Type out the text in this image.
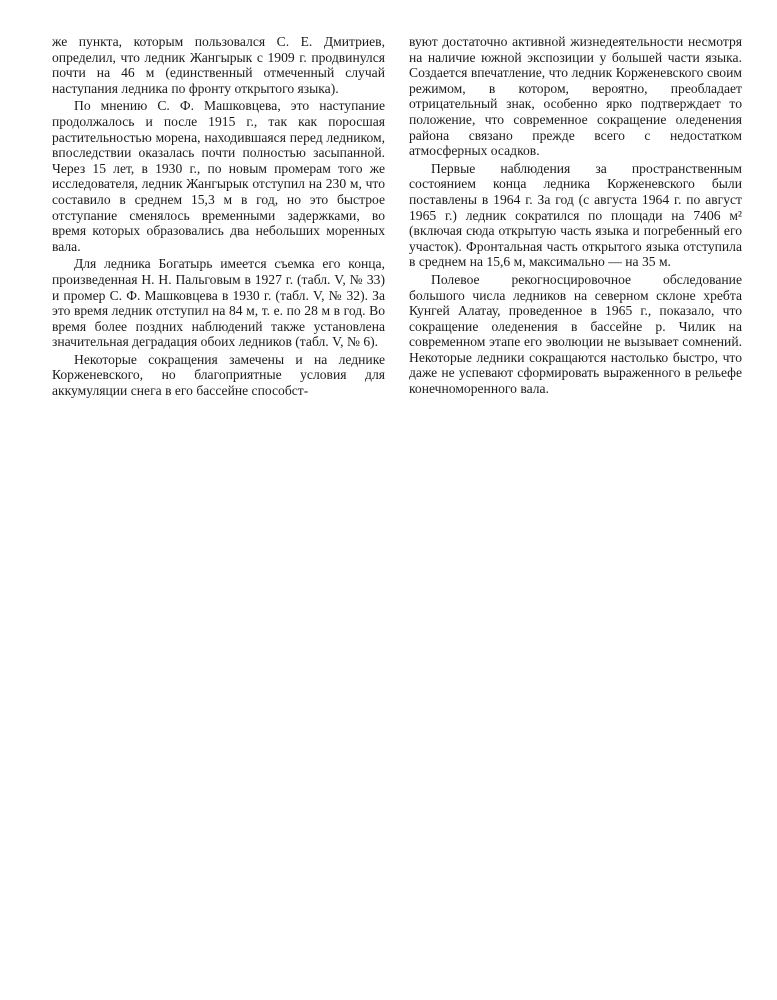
же пункта, которым пользовался С. Е. Дмитриев, определил, что ледник Жангырык с 1909 г. продвинулся почти на 46 м (единственный отмеченный случай наступания ледника по фронту открытого языка).

По мнению С. Ф. Машковцева, это наступание продолжалось и после 1915 г., так как поросшая растительностью морена, находившаяся перед ледником, впоследствии оказалась почти полностью засыпанной. Через 15 лет, в 1930 г., по новым промерам того же исследователя, ледник Жангырык отступил на 230 м, что составило в среднем 15,3 м в год, но это быстрое отступание сменялось временными задержками, во время которых образовались два небольших моренных вала.

Для ледника Богатырь имеется съемка его конца, произведенная Н. Н. Пальговым в 1927 г. (табл. V, № 33) и промер С. Ф. Машковцева в 1930 г. (табл. V, № 32). За это время ледник отступил на 84 м, т. е. по 28 м в год. Во время более поздних наблюдений также установлена значительная деградация обоих ледников (табл. V, № 6).

Некоторые сокращения замечены и на леднике Корженевского, но благоприятные условия для аккумуляции снега в его бассейне способст-

вуют достаточно активной жизнедеятельности несмотря на наличие южной экспозиции у большей части языка. Создается впечатление, что ледник Корженевского своим режимом, в котором, вероятно, преобладает отрицательный знак, особенно ярко подтверждает то положение, что современное сокращение оледенения района связано прежде всего с недостатком атмосферных осадков.

Первые наблюдения за пространственным состоянием конца ледника Корженевского были поставлены в 1964 г. За год (с августа 1964 г. по август 1965 г.) ледник сократился по площади на 7406 м² (включая сюда открытую часть языка и погребенный его участок). Фронтальная часть открытого языка отступила в среднем на 15,6 м, максимально — на 35 м.

Полевое рекогносцировочное обследование большого числа ледников на северном склоне хребта Кунгей Алатау, проведенное в 1965 г., показало, что сокращение оледенения в бассейне р. Чилик на современном этапе его эволюции не вызывает сомнений. Некоторые ледники сокращаются настолько быстро, что даже не успевают сформировать выраженного в рельефе конечноморенного вала.
